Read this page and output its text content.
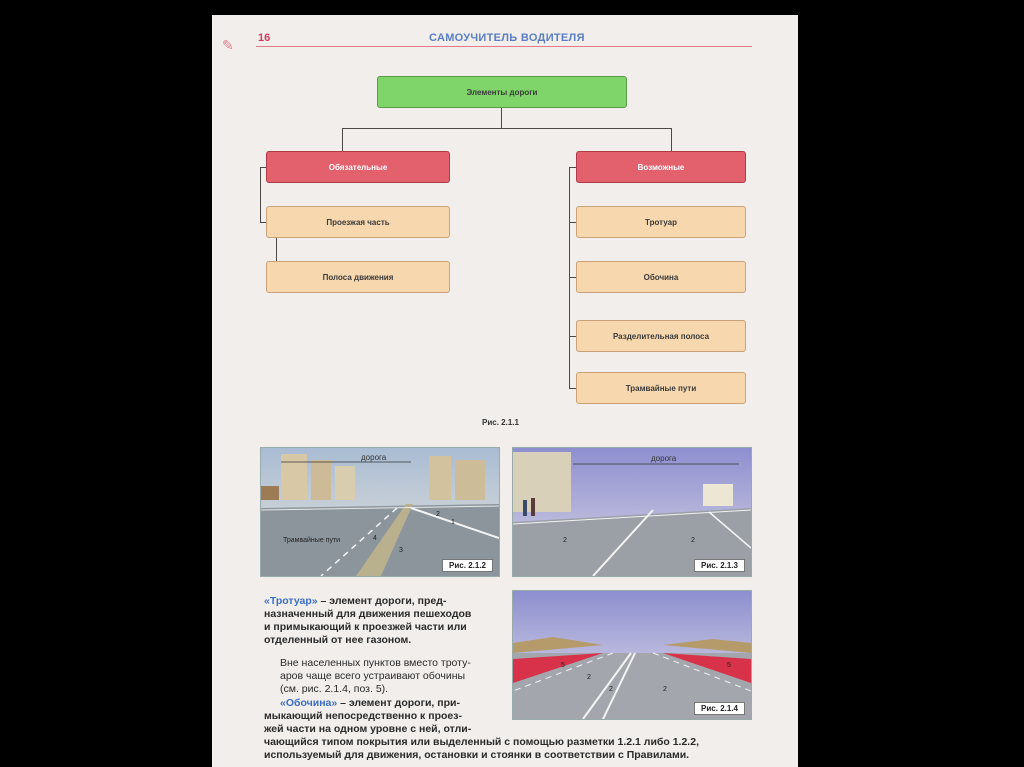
✎ 16	САМОУЧИТЕЛЬ ВОДИТЕЛЯ
Элементы дороги
Обязательные	Возможные
Проезжая часть
Полоса движения
Тротуар
Обочина
Разделительная полоса
Трамвайные пути
Рис. 2.1.1
дорога
Трамвайные пути
1
2
3
4
Рис. 2.1.2
дорога
2	2
Рис. 2.1.3
5
2
2	2
5
Рис. 2.1.4

«Тротуар» – элемент дороги, пред-

назначенный для движения пешеходов

и примыкающий к проезжей части или

отделенный от нее газоном.

Вне населенных пунктов вместо троту-

аров чаще всего устраивают обочины

(см. рис. 2.1.4, поз. 5).

«Обочина» – элемент дороги, при-

мыкающий непосредственно к проез-

жей части на одном уровне с ней, отли-

чающийся типом покрытия или выделенный с помощью разметки 1.2.1 либо 1.2.2,

используемый для движения, остановки и стоянки в соответствии с Правилами.
